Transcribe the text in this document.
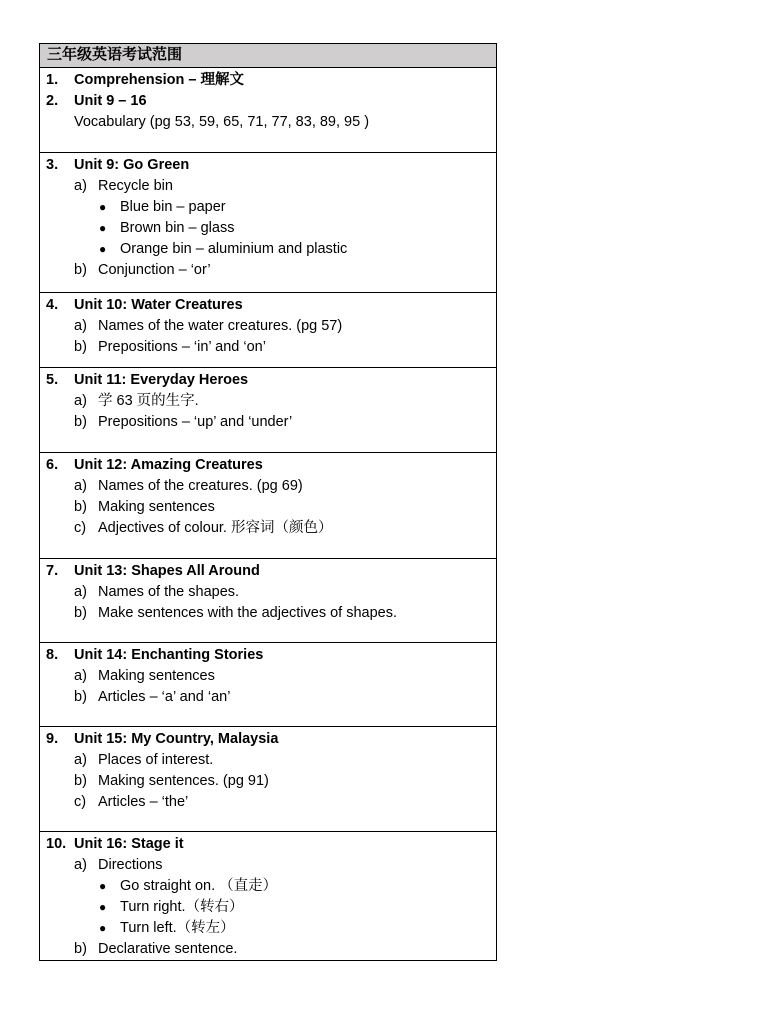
三年级英语考试范围
1. Comprehension – 理解文
2. Unit 9 – 16
Vocabulary (pg 53, 59, 65, 71, 77, 83, 89, 95 )
3. Unit 9: Go Green
a) Recycle bin
● Blue bin – paper
● Brown bin – glass
● Orange bin – aluminium and plastic
b) Conjunction – ‘or’
4. Unit 10: Water Creatures
a) Names of the water creatures. (pg 57)
b) Prepositions – ‘in’ and ‘on’
5. Unit 11: Everyday Heroes
a) 学 63 页的生字.
b) Prepositions – ‘up’ and ‘under’
6. Unit 12: Amazing Creatures
a) Names of the creatures. (pg 69)
b) Making sentences
c) Adjectives of colour. 形容词（颜色）
7. Unit 13: Shapes All Around
a) Names of the shapes.
b) Make sentences with the adjectives of shapes.
8. Unit 14: Enchanting Stories
a) Making sentences
b) Articles – ‘a’ and ‘an’
9. Unit 15: My Country, Malaysia
a) Places of interest.
b) Making sentences. (pg 91)
c) Articles – ‘the’
10. Unit 16: Stage it
a) Directions
● Go straight on. （直走）
● Turn right.（转右）
● Turn left.（转左）
b) Declarative sentence.
